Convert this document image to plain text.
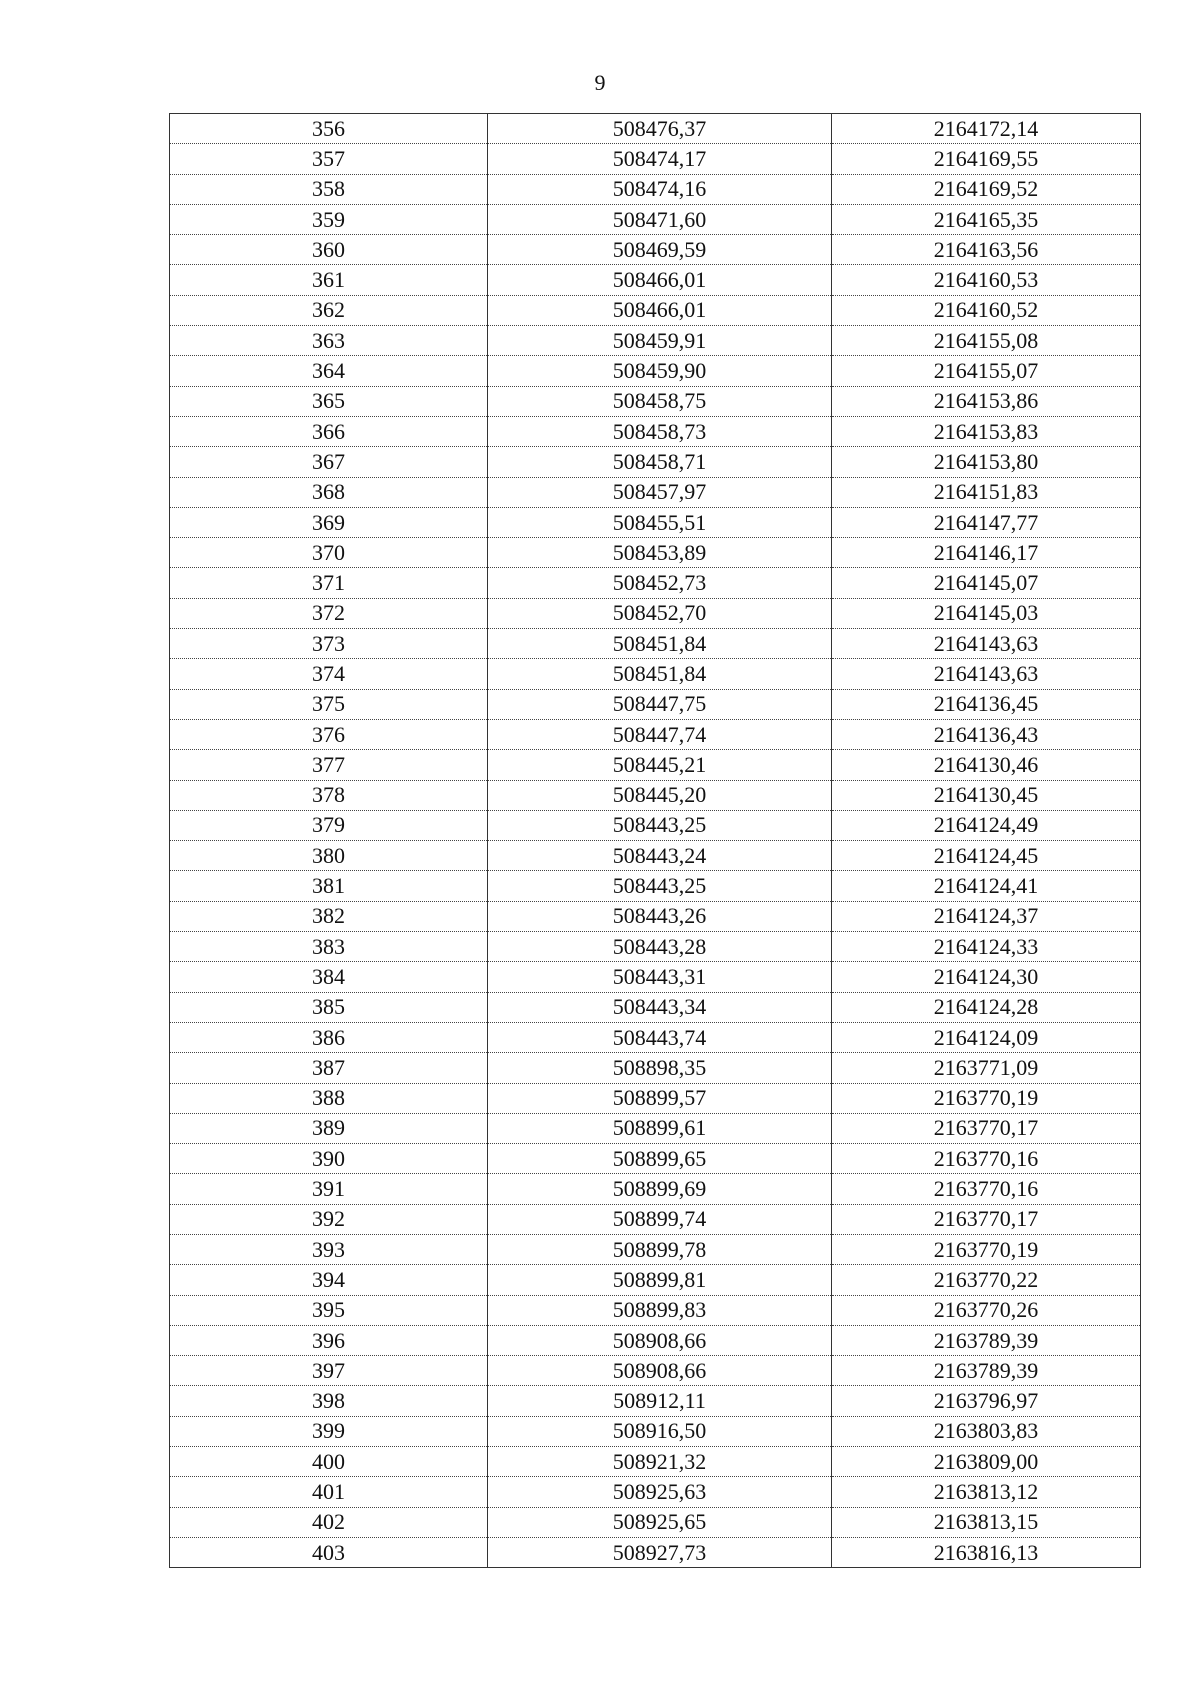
9
356	508476,37	2164172,14
357	508474,17	2164169,55
358	508474,16	2164169,52
359	508471,60	2164165,35
360	508469,59	2164163,56
361	508466,01	2164160,53
362	508466,01	2164160,52
363	508459,91	2164155,08
364	508459,90	2164155,07
365	508458,75	2164153,86
366	508458,73	2164153,83
367	508458,71	2164153,80
368	508457,97	2164151,83
369	508455,51	2164147,77
370	508453,89	2164146,17
371	508452,73	2164145,07
372	508452,70	2164145,03
373	508451,84	2164143,63
374	508451,84	2164143,63
375	508447,75	2164136,45
376	508447,74	2164136,43
377	508445,21	2164130,46
378	508445,20	2164130,45
379	508443,25	2164124,49
380	508443,24	2164124,45
381	508443,25	2164124,41
382	508443,26	2164124,37
383	508443,28	2164124,33
384	508443,31	2164124,30
385	508443,34	2164124,28
386	508443,74	2164124,09
387	508898,35	2163771,09
388	508899,57	2163770,19
389	508899,61	2163770,17
390	508899,65	2163770,16
391	508899,69	2163770,16
392	508899,74	2163770,17
393	508899,78	2163770,19
394	508899,81	2163770,22
395	508899,83	2163770,26
396	508908,66	2163789,39
397	508908,66	2163789,39
398	508912,11	2163796,97
399	508916,50	2163803,83
400	508921,32	2163809,00
401	508925,63	2163813,12
402	508925,65	2163813,15
403	508927,73	2163816,13
